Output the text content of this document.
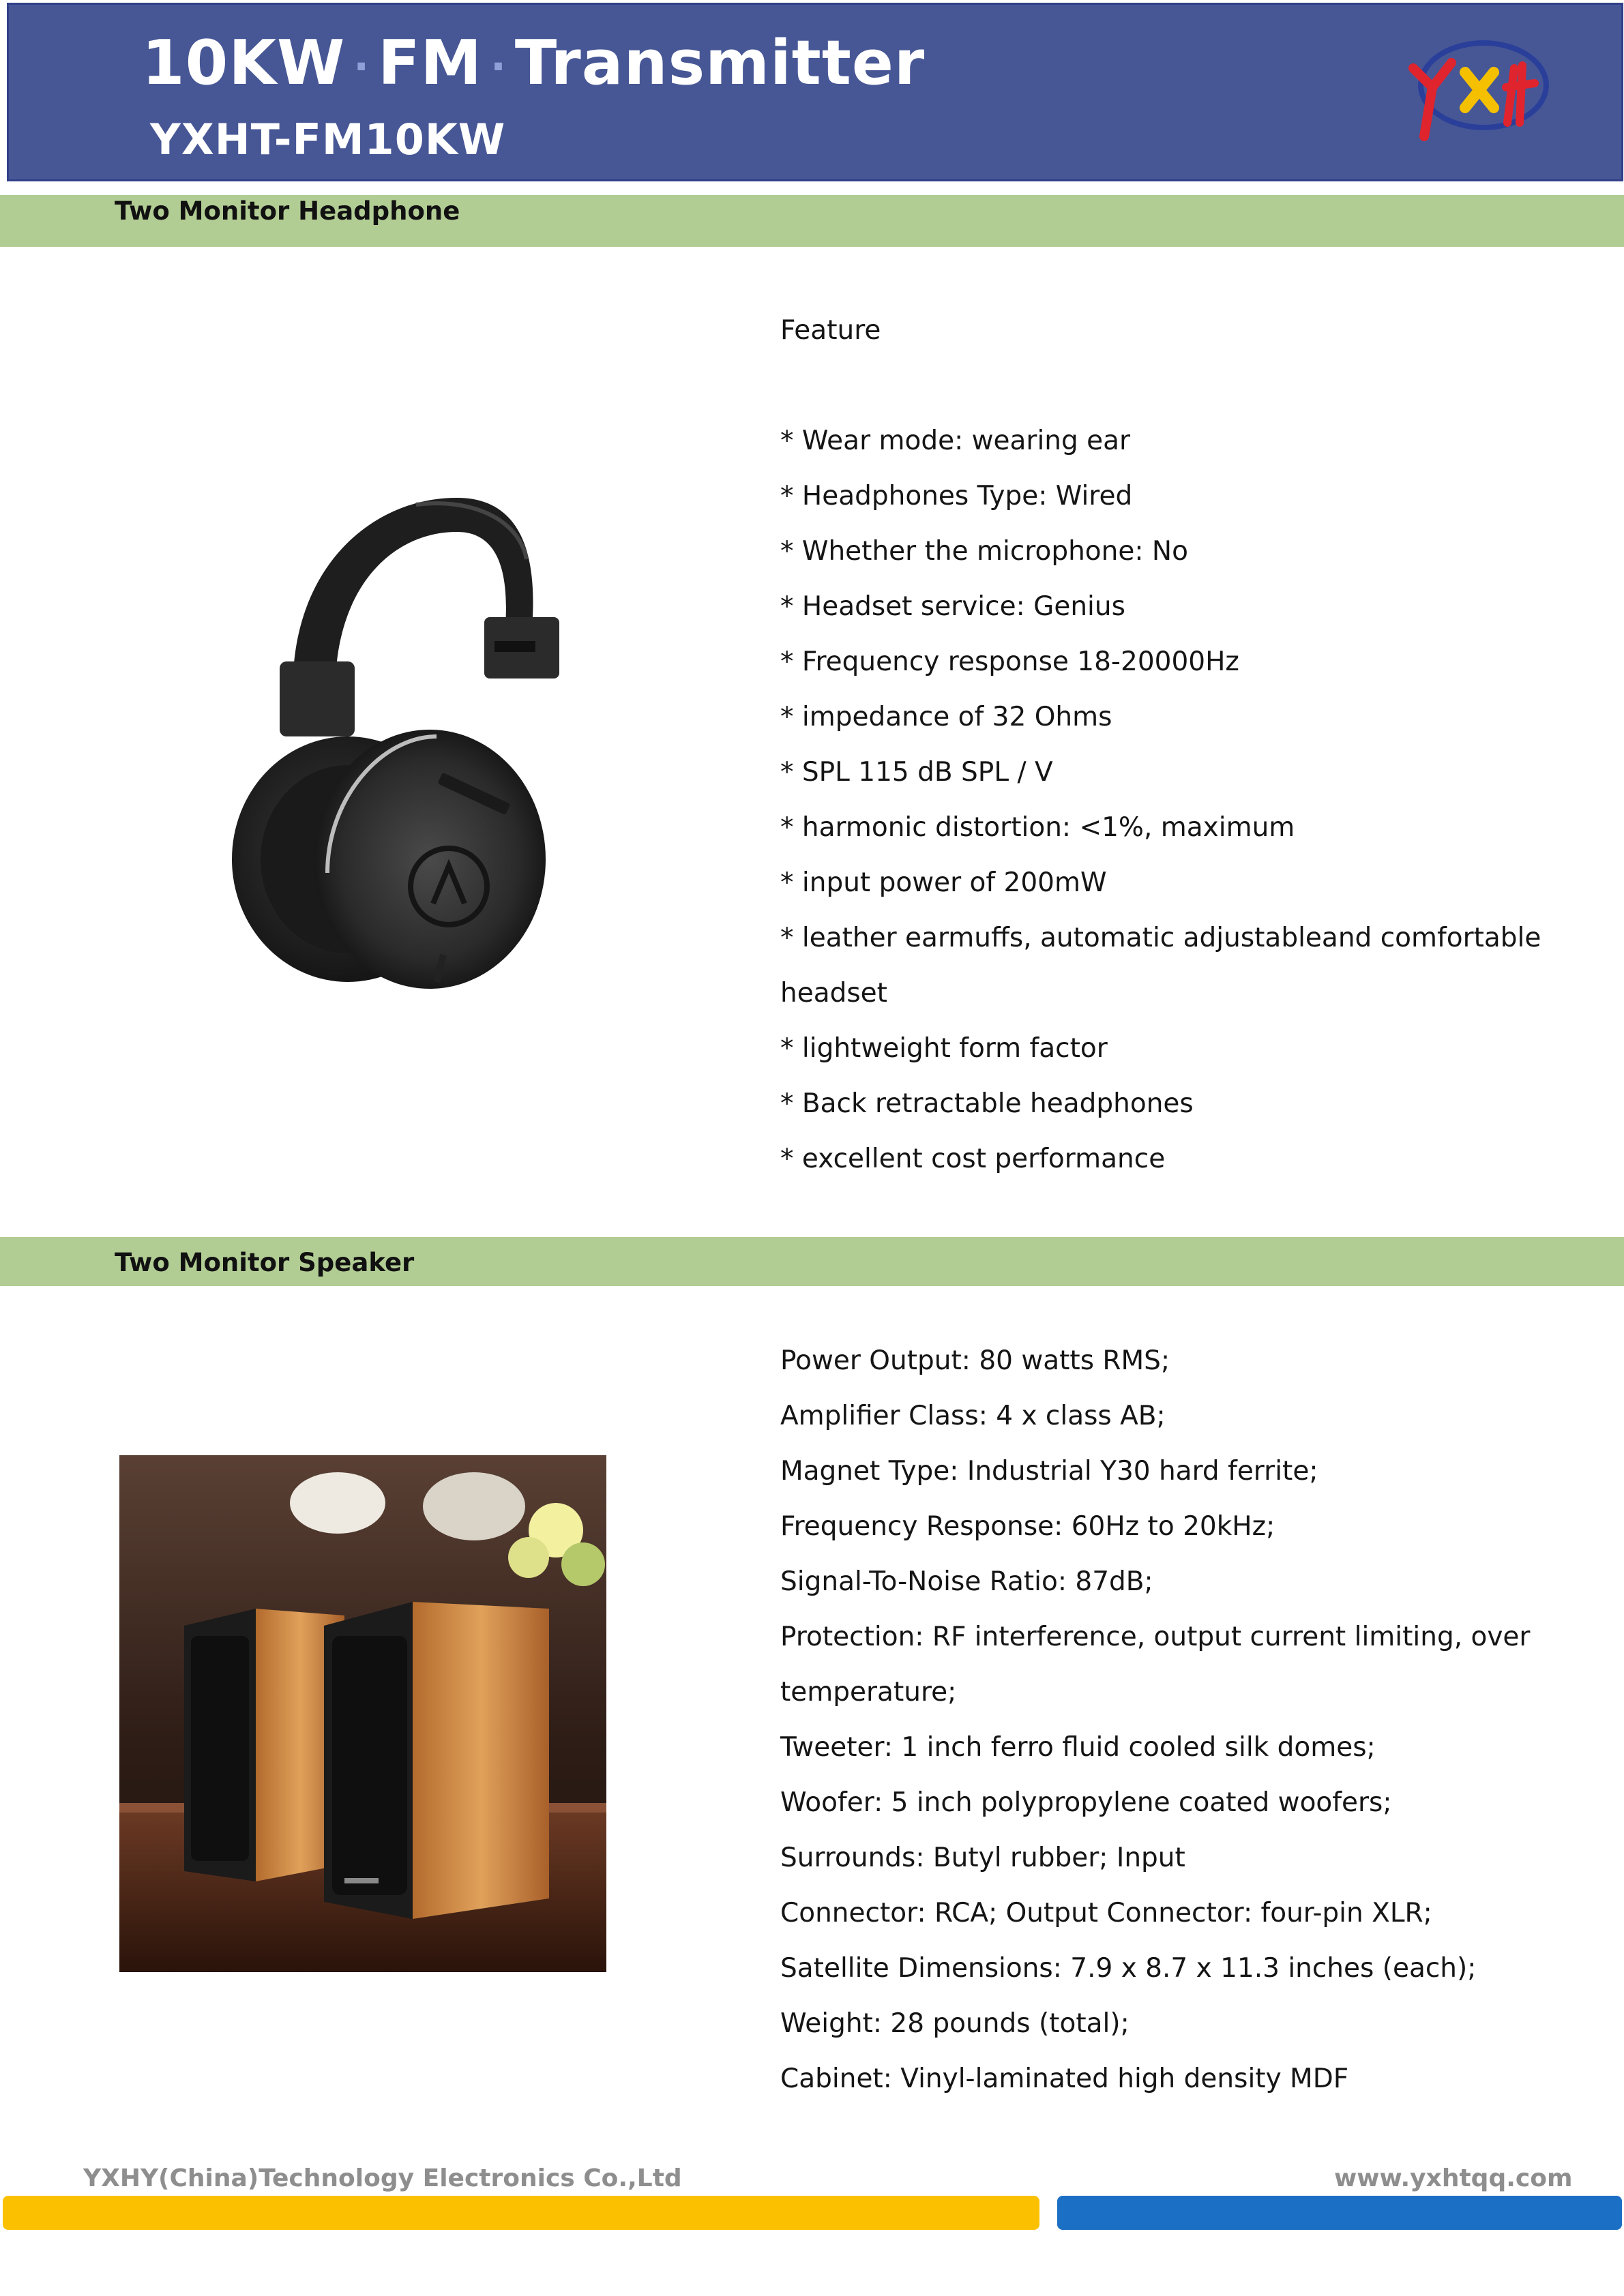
10KW · FM · Transmitter
YXHT-FM10KW
Two Monitor Headphone
Feature

* Wear mode: wearing ear
* Headphones Type: Wired
* Whether the microphone: No
* Headset service: Genius
* Frequency response 18-20000Hz
* impedance of 32 Ohms
* SPL 115 dB SPL / V
* harmonic distortion: <1%, maximum
* input power of 200mW
* leather earmuffs, automatic adjustableand comfortable
headset
* lightweight form factor
* Back retractable headphones
* excellent cost performance
Two Monitor Speaker
Power Output: 80 watts RMS;
Amplifier Class: 4 x class AB;
Magnet Type: Industrial Y30 hard ferrite;
Frequency Response: 60Hz to 20kHz;
Signal-To-Noise Ratio: 87dB;
Protection: RF interference, output current limiting, over
temperature;
Tweeter: 1 inch ferro fluid cooled silk domes;
Woofer: 5 inch polypropylene coated woofers;
Surrounds: Butyl rubber; Input
Connector: RCA; Output Connector: four-pin XLR;
Satellite Dimensions: 7.9 x 8.7 x 11.3 inches (each);
Weight: 28 pounds (total);
Cabinet: Vinyl-laminated high density MDF
YXHY(China)Technology Electronics Co.,Ltd	www.yxhtqq.com
